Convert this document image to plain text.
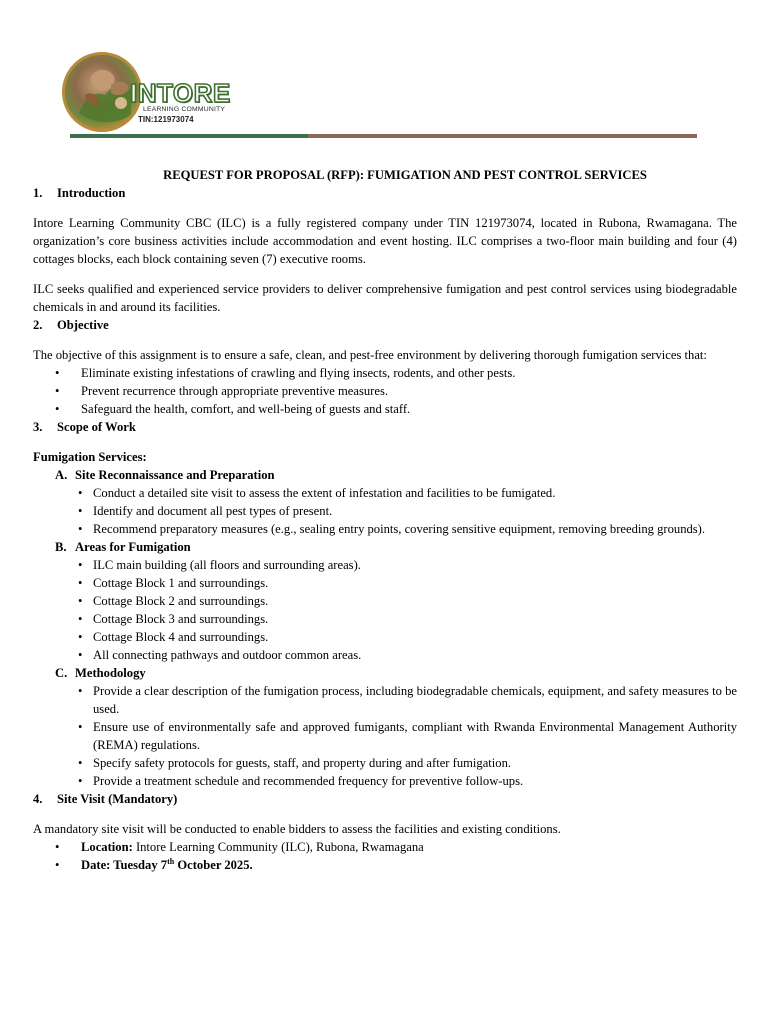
INTORE
LEARNING COMMUNITY
TIN:121973074
REQUEST FOR PROPOSAL (RFP): FUMIGATION AND PEST CONTROL SERVICES
1. Introduction

Intore Learning Community CBC (ILC) is a fully registered company under TIN 121973074, located in Rubona, Rwamagana. The organization’s core business activities include accommodation and event hosting. ILC comprises a two-floor main building and four (4) cottages blocks, each block containing seven (7) executive rooms.

ILC seeks qualified and experienced service providers to deliver comprehensive fumigation and pest control services using biodegradable chemicals in and around its facilities.

2. Objective

The objective of this assignment is to ensure a safe, clean, and pest-free environment by delivering thorough fumigation services that:

• Eliminate existing infestations of crawling and flying insects, rodents, and other pests.
• Prevent recurrence through appropriate preventive measures.
• Safeguard the health, comfort, and well-being of guests and staff.
3. Scope of Work

Fumigation Services:

A. Site Reconnaissance and Preparation
• Conduct a detailed site visit to assess the extent of infestation and facilities to be fumigated.
• Identify and document all pest types of present.
• Recommend preparatory measures (e.g., sealing entry points, covering sensitive equipment, removing breeding grounds).
B. Areas for Fumigation
• ILC main building (all floors and surrounding areas).
• Cottage Block 1 and surroundings.
• Cottage Block 2 and surroundings.
• Cottage Block 3 and surroundings.
• Cottage Block 4 and surroundings.
• All connecting pathways and outdoor common areas.
C. Methodology
• Provide a clear description of the fumigation process, including biodegradable chemicals, equipment, and safety measures to be used.
• Ensure use of environmentally safe and approved fumigants, compliant with Rwanda Environmental Management Authority (REMA) regulations.
• Specify safety protocols for guests, staff, and property during and after fumigation.
• Provide a treatment schedule and recommended frequency for preventive follow-ups.
4. Site Visit (Mandatory)

A mandatory site visit will be conducted to enable bidders to assess the facilities and existing conditions.

• Location: Intore Learning Community (ILC), Rubona, Rwamagana
• Date: Tuesday 7th October 2025.
